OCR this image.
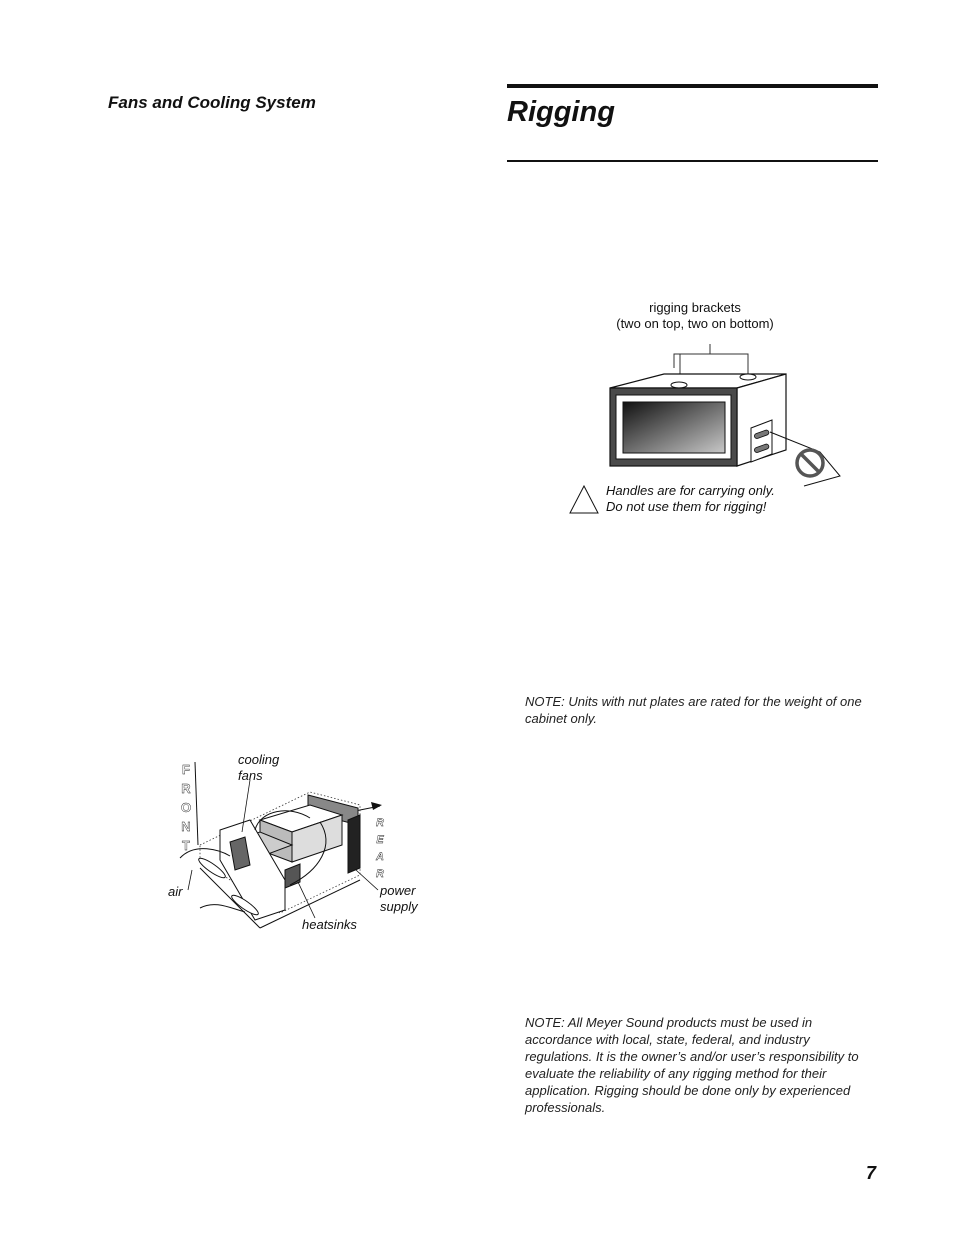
Fans and Cooling System	Rigging
rigging brackets
(two on top, two on bottom)
Handles are for carrying only.
Do not use them for rigging!
NOTE: Units with nut plates are rated for the weight of one cabinet only.
NOTE: All Meyer Sound products must be used in accordance with local, state, federal, and industry regulations. It is the owner’s and/or user’s responsibility to evaluate the reliability of any rigging method for their application. Rigging should be done only by experienced professionals.
F R O N T
R E A R
cooling
fans
air	power
supply
heatsinks
7
